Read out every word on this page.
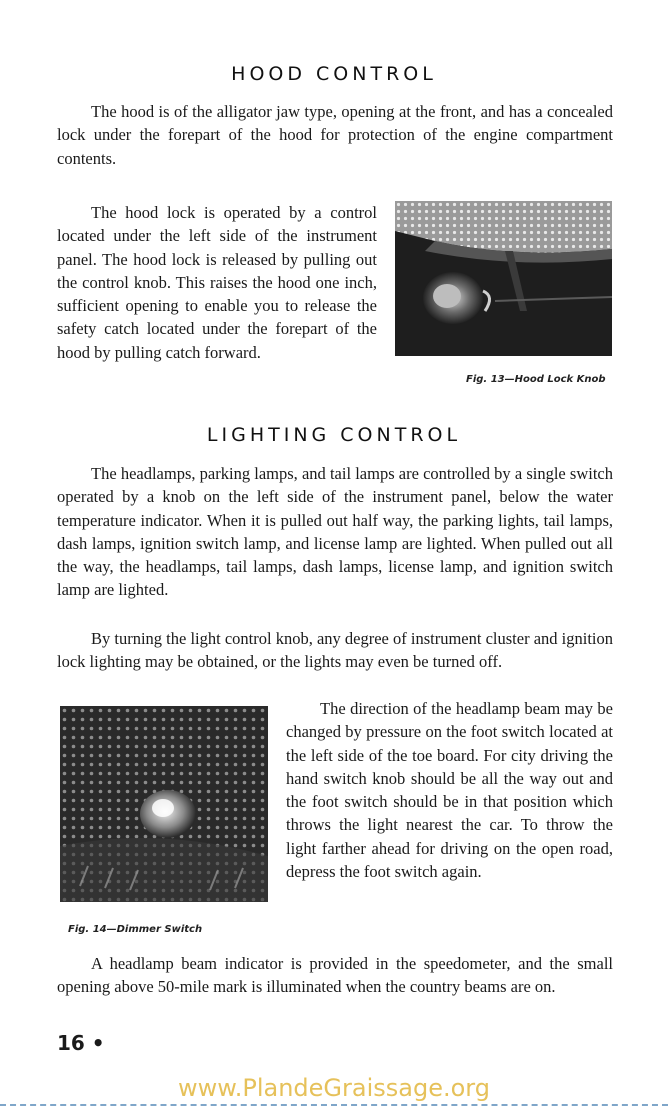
HOOD CONTROL

The hood is of the alligator jaw type, opening at the front, and has a concealed lock under the forepart of the hood for protection of the engine compartment contents.

The hood lock is operated by a control located under the left side of the instrument panel. The hood lock is released by pulling out the control knob. This raises the hood one inch, sufficient opening to enable you to release the safety catch located under the forepart of the hood by pulling catch forward.

Fig. 13—Hood Lock Knob
LIGHTING CONTROL

The headlamps, parking lamps, and tail lamps are controlled by a single switch operated by a knob on the left side of the instrument panel, below the water temperature indicator. When it is pulled out half way, the parking lights, tail lamps, dash lamps, ignition switch lamp, and license lamp are lighted. When pulled out all the way, the headlamps, tail lamps, dash lamps, license lamp, and ignition switch lamp are lighted.

By turning the light control knob, any degree of instrument cluster and ignition lock lighting may be obtained, or the lights may even be turned off.

Fig. 14—Dimmer Switch

The direction of the headlamp beam may be changed by pressure on the foot switch located at the left side of the toe board. For city driving the hand switch knob should be all the way out and the foot switch should be in that position which throws the light nearest the car. To throw the light farther ahead for driving on the open road, depress the foot switch again.

A headlamp beam indicator is provided in the speedometer, and the small opening above 50-mile mark is illuminated when the country beams are on.

16 •
www.PlandeGraissage.org
